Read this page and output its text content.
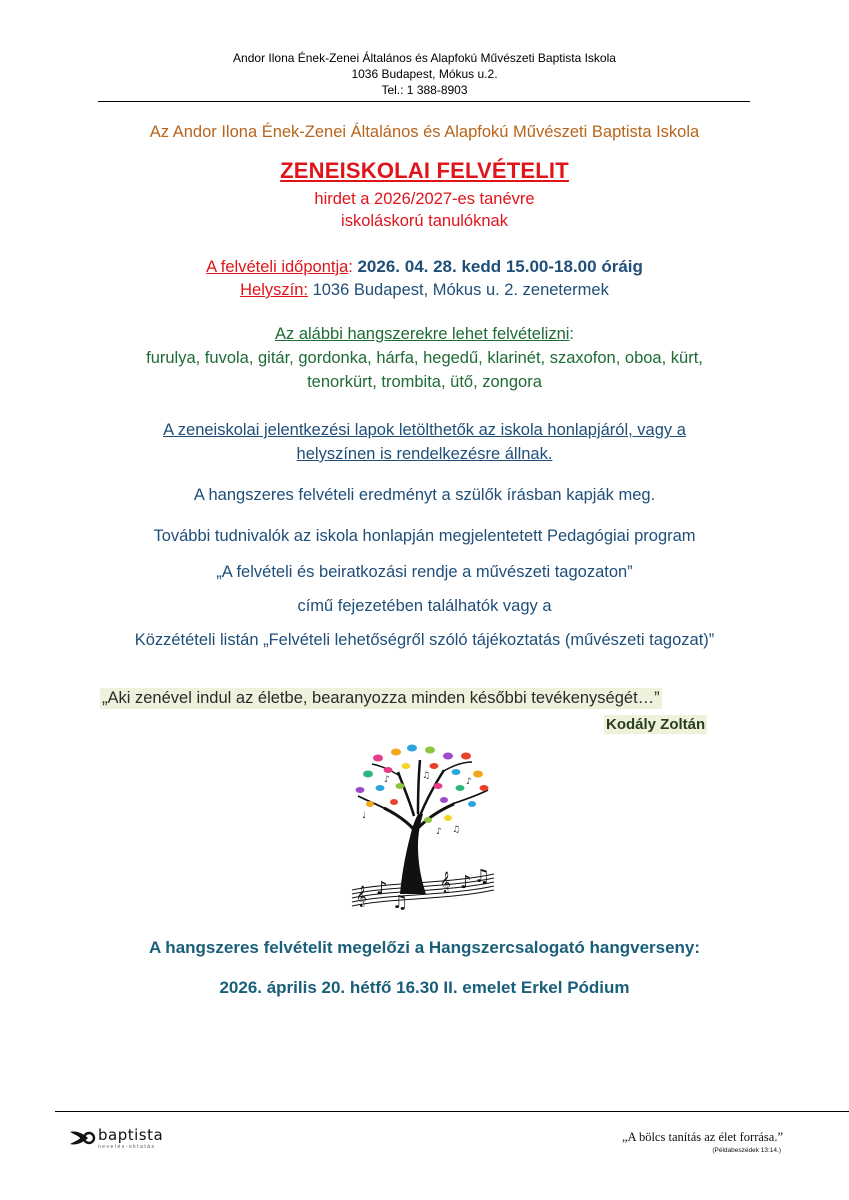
Andor Ilona Ének-Zenei Általános és Alapfokú Művészeti Baptista Iskola
1036 Budapest, Mókus u.2.
Tel.: 1 388-8903
Az Andor Ilona Ének-Zenei Általános és Alapfokú Művészeti Baptista Iskola
ZENEISKOLAI FELVÉTELIT
hirdet a 2026/2027-es tanévre
iskoláskorú tanulóknak
A felvételi időpontja: 2026. 04. 28. kedd 15.00-18.00 óráig
Helyszín: 1036 Budapest, Mókus u. 2. zenetermek
Az alábbi hangszerekre lehet felvételizni:
furulya, fuvola, gitár, gordonka, hárfa, hegedű, klarinét, szaxofon, oboa, kürt,
tenorkürt, trombita, ütő, zongora
A zeneiskolai jelentkezési lapok letölthetők az iskola honlapjáról, vagy a
helyszínen is rendelkezésre állnak.
A hangszeres felvételi eredményt a szülők írásban kapják meg.
További tudnivalók az iskola honlapján megjelentetett Pedagógiai program
„A felvételi és beiratkozási rendje a művészeti tagozaton”
című fejezetében találhatók vagy a
Közzétételi listán „Felvételi lehetőségről szóló tájékoztatás (művészeti tagozat)”
„Aki zenével indul az életbe, bearanyozza minden későbbi tevékenységét…”
Kodály Zoltán
♪	♫
♪
♩
♪ ♫
𝄞 ♪
♫
𝄞 ♪ ♫
A hangszeres felvételit megelőzi a Hangszercsalogató hangverseny:
2026. április 20. hétfő 16.30 II. emelet Erkel Pódium
baptista
nevelés-oktatás
„A bölcs tanítás az élet forrása.”
(Példabeszédek 13:14.)
